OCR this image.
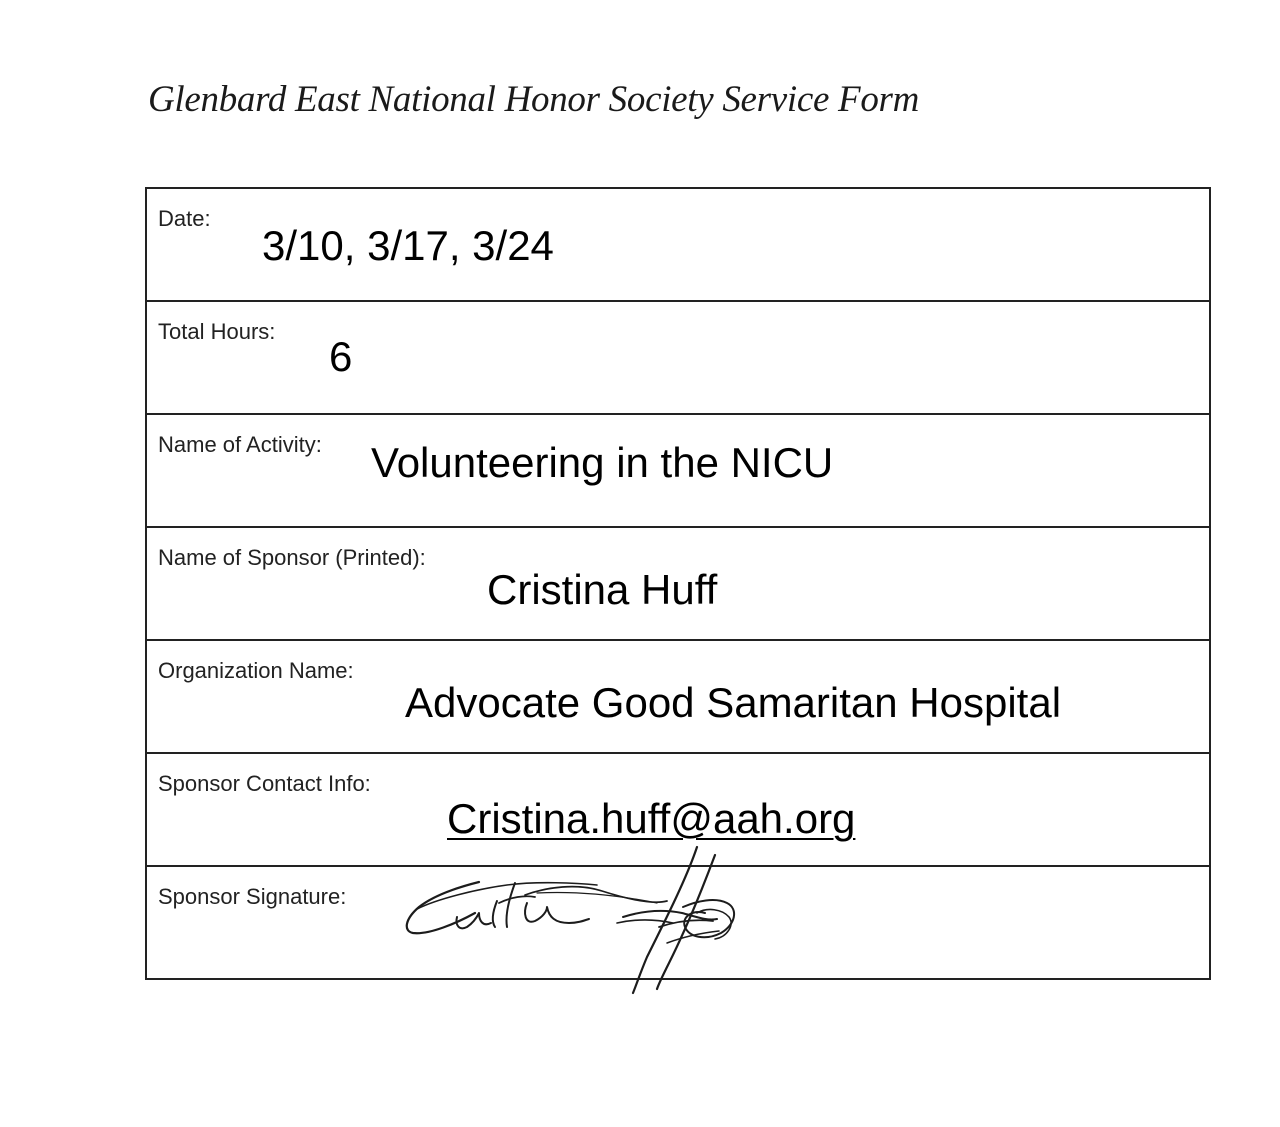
Glenbard East National Honor Society Service Form
Date:
3/10, 3/17, 3/24
Total Hours:
6
Name of Activity: Volunteering in the NICU
Name of Sponsor (Printed):
Cristina Huff
Organization Name:
Advocate Good Samaritan Hospital
Sponsor Contact Info:
Cristina.huff@aah.org
Sponsor Signature:
